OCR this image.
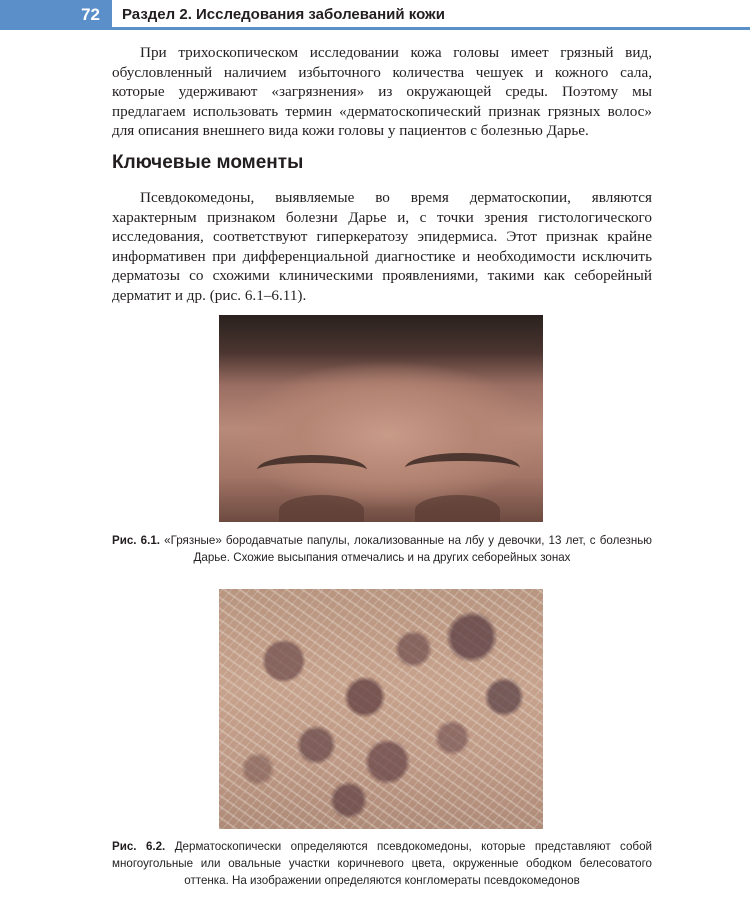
72	Раздел 2. Исследования заболеваний кожи

При трихоскопическом исследовании кожа головы имеет грязный вид, обусловленный наличием избыточного количества чешуек и кожного сала, которые удерживают «загрязнения» из окружающей среды. Поэтому мы предлагаем использовать термин «дерматоскопический признак грязных волос» для описания внешнего вида кожи головы у пациентов с болезнью Дарье.

Ключевые моменты

Псевдокомедоны, выявляемые во время дерматоскопии, являются характерным признаком болезни Дарье и, с точки зрения гистологического исследования, соответствуют гиперкератозу эпидермиса. Этот признак крайне информативен при дифференциальной диагностике и необходимости исключить дерматозы со схожими клиническими проявлениями, такими как себорейный дерматит и др. (рис. 6.1–6.11).

Рис. 6.1. «Грязные» бородавчатые папулы, локализованные на лбу у девочки, 13 лет, с болезнью Дарье. Схожие высыпания отмечались и на других себорейных зонах

Рис. 6.2. Дерматоскопически определяются псевдокомедоны, которые представляют собой многоугольные или овальные участки коричневого цвета, окруженные ободком белесоватого оттенка. На изображении определяются конгломераты псевдокомедонов
